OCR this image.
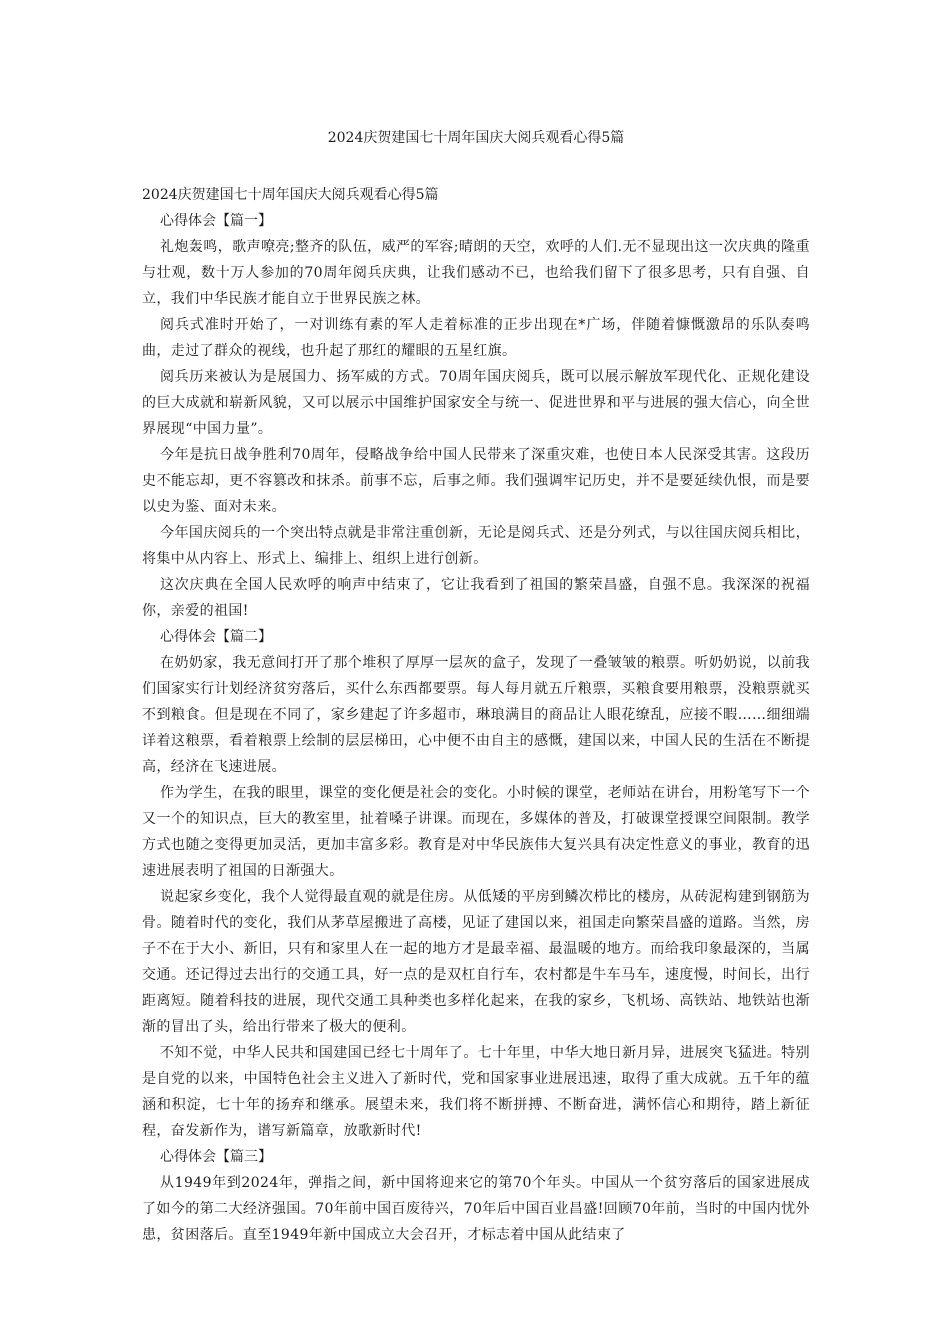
2024庆贺建国七十周年国庆大阅兵观看心得5篇

2024庆贺建国七十周年国庆大阅兵观看心得5篇

心得体会【篇一】

礼炮轰鸣，歌声嘹亮;整齐的队伍，威严的军容;晴朗的天空，欢呼的人们.无不显现出这一次庆典的隆重与壮观，数十万人参加的70周年阅兵庆典，让我们感动不已，也给我们留下了很多思考，只有自强、自立，我们中华民族才能自立于世界民族之林。

阅兵式准时开始了，一对训练有素的军人走着标准的正步出现在*广场，伴随着慷慨激昂的乐队奏鸣曲，走过了群众的视线，也升起了那红的耀眼的五星红旗。

阅兵历来被认为是展国力、扬军威的方式。70周年国庆阅兵，既可以展示解放军现代化、正规化建设的巨大成就和崭新风貌，又可以展示中国维护国家安全与统一、促进世界和平与进展的强大信心，向全世界展现“中国力量”。

今年是抗日战争胜利70周年，侵略战争给中国人民带来了深重灾难，也使日本人民深受其害。这段历史不能忘却，更不容篡改和抹杀。前事不忘，后事之师。我们强调牢记历史，并不是要延续仇恨，而是要以史为鉴、面对未来。

今年国庆阅兵的一个突出特点就是非常注重创新，无论是阅兵式、还是分列式，与以往国庆阅兵相比，将集中从内容上、形式上、编排上、组织上进行创新。

这次庆典在全国人民欢呼的响声中结束了，它让我看到了祖国的繁荣昌盛，自强不息。我深深的祝福你，亲爱的祖国!

心得体会【篇二】

在奶奶家，我无意间打开了那个堆积了厚厚一层灰的盒子，发现了一叠皱皱的粮票。听奶奶说，以前我们国家实行计划经济贫穷落后，买什么东西都要票。每人每月就五斤粮票，买粮食要用粮票，没粮票就买不到粮食。但是现在不同了，家乡建起了许多超市，琳琅满目的商品让人眼花缭乱，应接不暇……细细端详着这粮票，看着粮票上绘制的层层梯田，心中便不由自主的感慨，建国以来，中国人民的生活在不断提高，经济在飞速进展。

作为学生，在我的眼里，课堂的变化便是社会的变化。小时候的课堂，老师站在讲台，用粉笔写下一个又一个的知识点，巨大的教室里，扯着嗓子讲课。而现在，多媒体的普及，打破课堂授课空间限制。教学方式也随之变得更加灵活，更加丰富多彩。教育是对中华民族伟大复兴具有决定性意义的事业，教育的迅速进展表明了祖国的日渐强大。

说起家乡变化，我个人觉得最直观的就是住房。从低矮的平房到鳞次栉比的楼房，从砖泥构建到钢筋为骨。随着时代的变化，我们从茅草屋搬进了高楼，见证了建国以来，祖国走向繁荣昌盛的道路。当然，房子不在于大小、新旧，只有和家里人在一起的地方才是最幸福、最温暖的地方。而给我印象最深的，当属交通。还记得过去出行的交通工具，好一点的是双杠自行车，农村都是牛车马车，速度慢，时间长，出行距离短。随着科技的进展，现代交通工具种类也多样化起来，在我的家乡，飞机场、高铁站、地铁站也渐渐的冒出了头，给出行带来了极大的便利。

不知不觉，中华人民共和国建国已经七十周年了。七十年里，中华大地日新月异，进展突飞猛进。特别是自党的以来，中国特色社会主义进入了新时代，党和国家事业进展迅速，取得了重大成就。五千年的蕴涵和积淀，七十年的扬弃和继承。展望未来，我们将不断拼搏、不断奋进，满怀信心和期待，踏上新征程，奋发新作为，谱写新篇章，放歌新时代!

心得体会【篇三】

从1949年到2024年，弹指之间，新中国将迎来它的第70个年头。中国从一个贫穷落后的国家进展成了如今的第二大经济强国。70年前中国百废待兴，70年后中国百业昌盛!回顾70年前，当时的中国内忧外患，贫困落后。直至1949年新中国成立大会召开，才标志着中国从此结束了
